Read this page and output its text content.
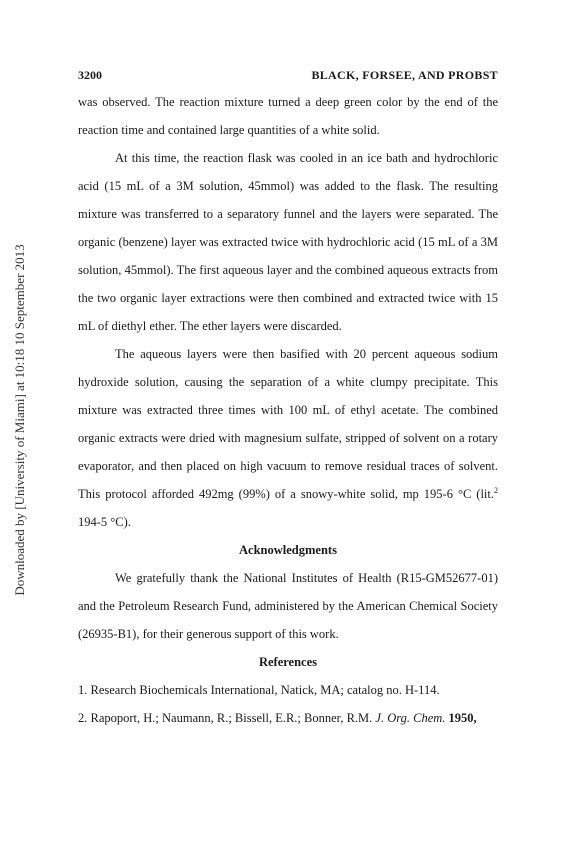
Downloaded by [University of Miami] at 10:18 10 September 2013
3200	BLACK, FORSEE, AND PROBST

was observed. The reaction mixture turned a deep green color by the end of the reaction time and contained large quantities of a white solid.

At this time, the reaction flask was cooled in an ice bath and hydrochloric acid (15 mL of a 3M solution, 45mmol) was added to the flask. The resulting mixture was transferred to a separatory funnel and the layers were separated. The organic (benzene) layer was extracted twice with hydrochloric acid (15 mL of a 3M solution, 45mmol). The first aqueous layer and the combined aqueous extracts from the two organic layer extractions were then combined and extracted twice with 15 mL of diethyl ether. The ether layers were discarded.

The aqueous layers were then basified with 20 percent aqueous sodium hydroxide solution, causing the separation of a white clumpy precipitate. This mixture was extracted three times with 100 mL of ethyl acetate. The combined organic extracts were dried with magnesium sulfate, stripped of solvent on a rotary evaporator, and then placed on high vacuum to remove residual traces of solvent. This protocol afforded 492mg (99%) of a snowy-white solid, mp 195-6 °C (lit.$^2$ 194-5 °C).

Acknowledgments

We gratefully thank the National Institutes of Health (R15-GM52677-01) and the Petroleum Research Fund, administered by the American Chemical Society (26935-B1), for their generous support of this work.

References

1. Research Biochemicals International, Natick, MA; catalog no. H-114.

2. Rapoport, H.; Naumann, R.; Bissell, E.R.; Bonner, R.M. J. Org. Chem. 1950,
